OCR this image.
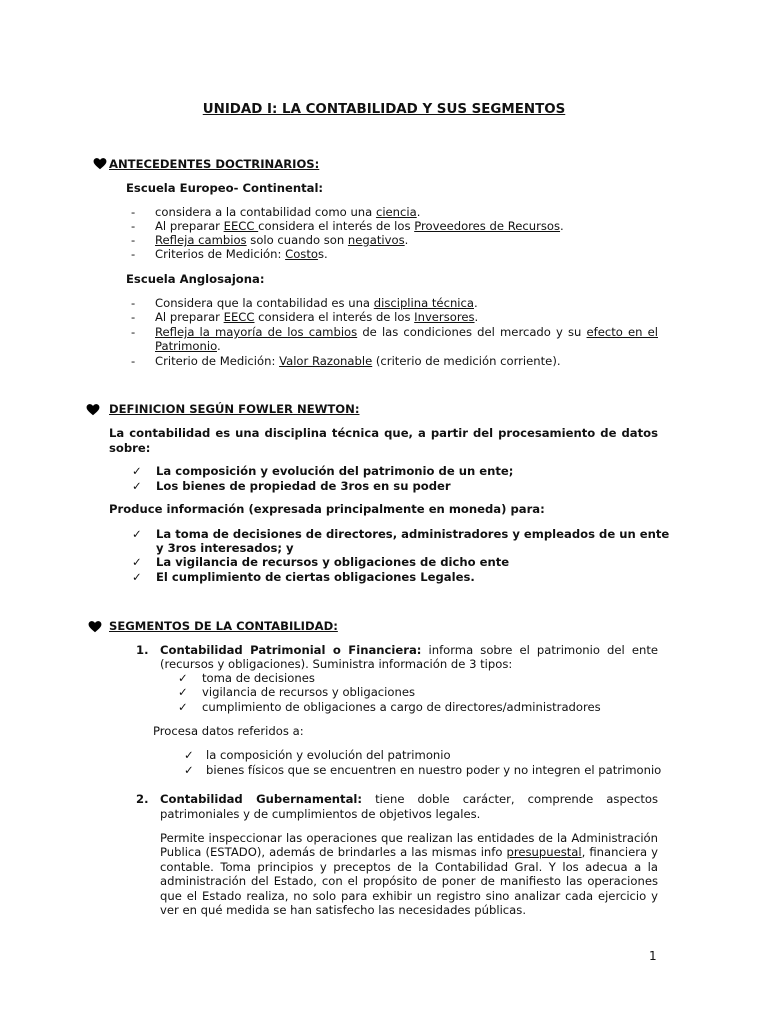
UNIDAD I: LA CONTABILIDAD Y SUS SEGMENTOS
ANTECEDENTES DOCTRINARIOS:
Escuela Europeo- Continental:
- considera a la contabilidad como una ciencia.
- Al preparar EECC considera el interés de los Proveedores de Recursos.
- Refleja cambios solo cuando son negativos.
- Criterios de Medición: Costos.
Escuela Anglosajona:
- Considera que la contabilidad es una disciplina técnica.
- Al preparar EECC considera el interés de los Inversores.
- Refleja la mayoría de los cambios de las condiciones del mercado y su efecto en el
Patrimonio.
- Criterio de Medición: Valor Razonable (criterio de medición corriente).
DEFINICION SEGÚN FOWLER NEWTON:
La contabilidad es una disciplina técnica que, a partir del procesamiento de datos
sobre:
✓ La composición y evolución del patrimonio de un ente;
✓ Los bienes de propiedad de 3ros en su poder
Produce información (expresada principalmente en moneda) para:
✓ La toma de decisiones de directores, administradores y empleados de un ente
y 3ros interesados; y
✓ La vigilancia de recursos y obligaciones de dicho ente
✓ El cumplimiento de ciertas obligaciones Legales.
SEGMENTOS DE LA CONTABILIDAD:
1. Contabilidad Patrimonial o Financiera: informa sobre el patrimonio del ente
(recursos y obligaciones). Suministra información de 3 tipos:
✓ toma de decisiones
✓ vigilancia de recursos y obligaciones
✓ cumplimiento de obligaciones a cargo de directores/administradores
Procesa datos referidos a:
✓ la composición y evolución del patrimonio
✓ bienes físicos que se encuentren en nuestro poder y no integren el patrimonio
2. Contabilidad Gubernamental: tiene doble carácter, comprende aspectos
patrimoniales y de cumplimientos de objetivos legales.
Permite inspeccionar las operaciones que realizan las entidades de la Administración
Publica (ESTADO), además de brindarles a las mismas info presupuestal, financiera y
contable. Toma principios y preceptos de la Contabilidad Gral. Y los adecua a la
administración del Estado, con el propósito de poner de manifiesto las operaciones
que el Estado realiza, no solo para exhibir un registro sino analizar cada ejercicio y
ver en qué medida se han satisfecho las necesidades públicas.
1
